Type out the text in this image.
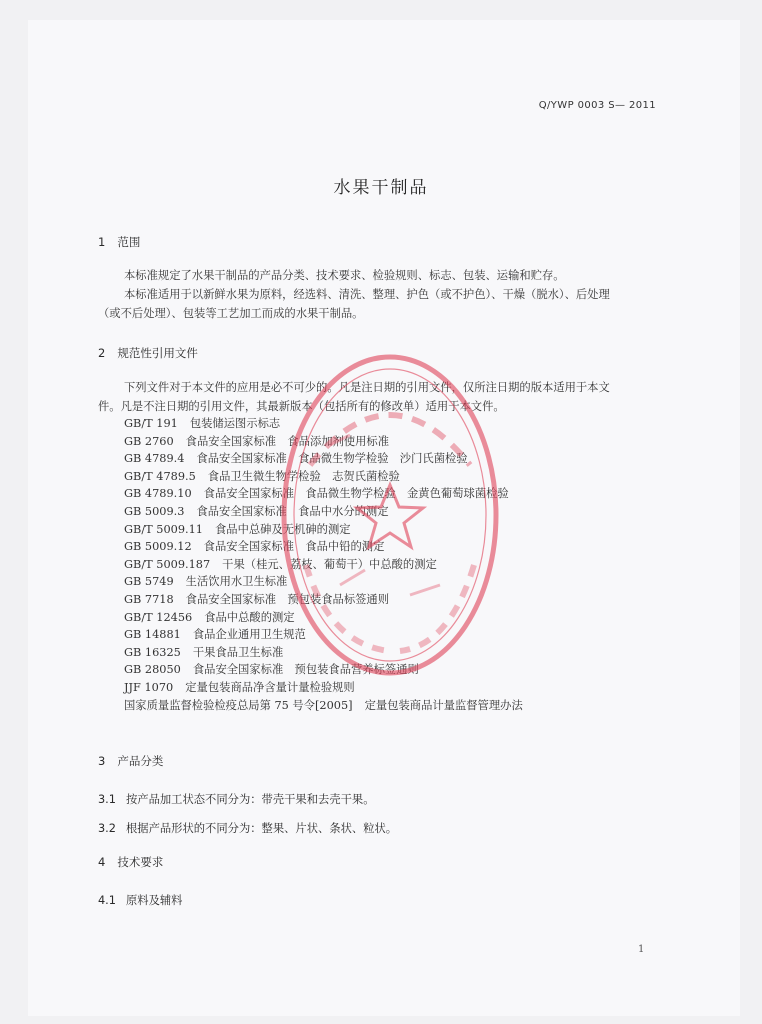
Q/YWP 0003 S— 2011
水果干制品
1 范围
本标准规定了水果干制品的产品分类、技术要求、检验规则、标志、包装、运输和贮存。
本标准适用于以新鲜水果为原料，经选料、清洗、整理、护色（或不护色）、干燥（脱水）、后处理
（或不后处理）、包装等工艺加工而成的水果干制品。
2 规范性引用文件
下列文件对于本文件的应用是必不可少的。凡是注日期的引用文件，仅所注日期的版本适用于本文
件。凡是不注日期的引用文件，其最新版本（包括所有的修改单）适用于本文件。
GB/T 191 包装储运图示标志
GB 2760 食品安全国家标准　食品添加剂使用标准
GB 4789.4 食品安全国家标准　食品微生物学检验　沙门氏菌检验
GB/T 4789.5 食品卫生微生物学检验　志贺氏菌检验
GB 4789.10 食品安全国家标准　食品微生物学检验　金黄色葡萄球菌检验
GB 5009.3 食品安全国家标准　食品中水分的测定
GB/T 5009.11 食品中总砷及无机砷的测定
GB 5009.12 食品安全国家标准　食品中铅的测定
GB/T 5009.187 干果（桂元、荔枝、葡萄干）中总酸的测定
GB 5749 生活饮用水卫生标准
GB 7718 食品安全国家标准　预包装食品标签通则
GB/T 12456 食品中总酸的测定
GB 14881 食品企业通用卫生规范
GB 16325 干果食品卫生标准
GB 28050 食品安全国家标准　预包装食品营养标签通则
JJF 1070 定量包装商品净含量计量检验规则
国家质量监督检验检疫总局第 75 号令[2005] 定量包装商品计量监督管理办法
3 产品分类
3.1 按产品加工状态不同分为：带壳干果和去壳干果。
3.2 根据产品形状的不同分为：整果、片状、条状、粒状。
4 技术要求
4.1 原料及辅料
1
